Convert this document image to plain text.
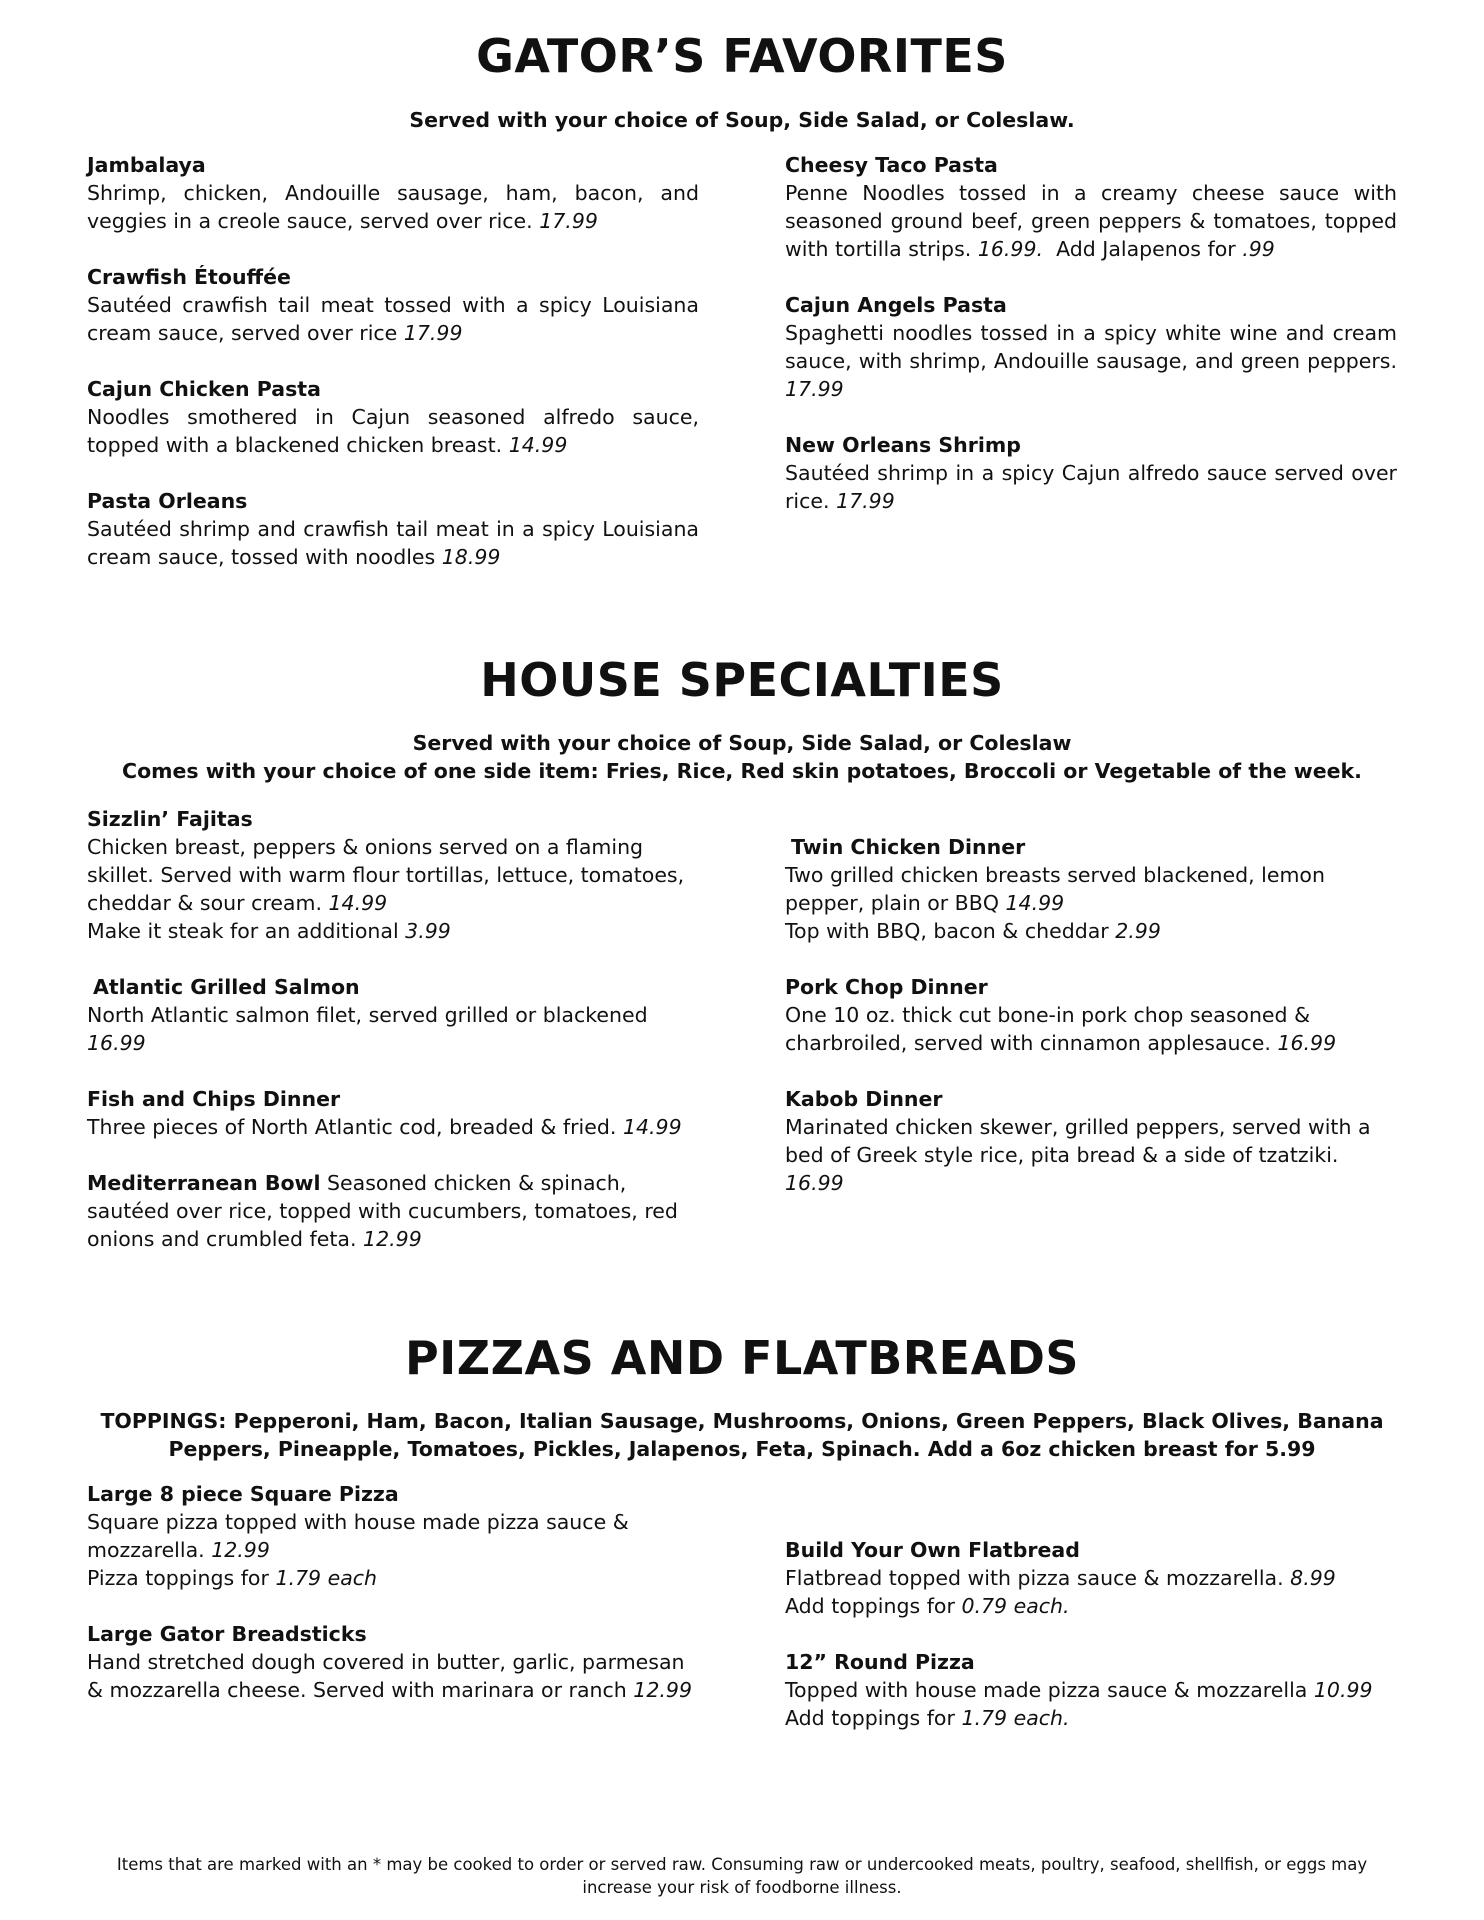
GATOR’S FAVORITES

Served with your choice of Soup, Side Salad, or Coleslaw.

Jambalaya
Shrimp, chicken, Andouille sausage, ham, bacon, and veggies in a creole sauce, served over rice. 17.99
Crawfish Étouffée
Sautéed crawfish tail meat tossed with a spicy Louisiana cream sauce, served over rice 17.99
Cajun Chicken Pasta
Noodles smothered in Cajun seasoned alfredo sauce, topped with a blackened chicken breast. 14.99
Pasta Orleans
Sautéed shrimp and crawfish tail meat in a spicy Louisiana cream sauce, tossed with noodles 18.99
Cheesy Taco Pasta
Penne Noodles tossed in a creamy cheese sauce with seasoned ground beef, green peppers & tomatoes, topped with tortilla strips. 16.99. Add Jalapenos for .99
Cajun Angels Pasta
Spaghetti noodles tossed in a spicy white wine and cream sauce, with shrimp, Andouille sausage, and green peppers. 17.99
New Orleans Shrimp
Sautéed shrimp in a spicy Cajun alfredo sauce served over rice. 17.99
HOUSE SPECIALTIES

Served with your choice of Soup, Side Salad, or Coleslaw

Comes with your choice of one side item: Fries, Rice, Red skin potatoes, Broccoli or Vegetable of the week.

Sizzlin’ Fajitas
Chicken breast, peppers & onions served on a flaming skillet. Served with warm flour tortillas, lettuce, tomatoes, cheddar & sour cream. 14.99
Make it steak for an additional 3.99
Atlantic Grilled Salmon
North Atlantic salmon filet, served grilled or blackened
16.99
Fish and Chips Dinner
Three pieces of North Atlantic cod, breaded & fried. 14.99
Mediterranean Bowl Seasoned chicken & spinach, sautéed over rice, topped with cucumbers, tomatoes, red onions and crumbled feta. 12.99
Twin Chicken Dinner
Two grilled chicken breasts served blackened, lemon pepper, plain or BBQ 14.99
Top with BBQ, bacon & cheddar 2.99
Pork Chop Dinner
One 10 oz. thick cut bone-in pork chop seasoned & charbroiled, served with cinnamon applesauce. 16.99
Kabob Dinner
Marinated chicken skewer, grilled peppers, served with a bed of Greek style rice, pita bread & a side of tzatziki. 16.99
PIZZAS AND FLATBREADS

TOPPINGS: Pepperoni, Ham, Bacon, Italian Sausage, Mushrooms, Onions, Green Peppers, Black Olives, Banana Peppers, Pineapple, Tomatoes, Pickles, Jalapenos, Feta, Spinach. Add a 6oz chicken breast for 5.99

Large 8 piece Square Pizza
Square pizza topped with house made pizza sauce & mozzarella. 12.99
Pizza toppings for 1.79 each
Large Gator Breadsticks
Hand stretched dough covered in butter, garlic, parmesan & mozzarella cheese. Served with marinara or ranch 12.99
Build Your Own Flatbread
Flatbread topped with pizza sauce & mozzarella. 8.99
Add toppings for 0.79 each.
12” Round Pizza
Topped with house made pizza sauce & mozzarella 10.99
Add toppings for 1.79 each.

Items that are marked with an * may be cooked to order or served raw. Consuming raw or undercooked meats, poultry, seafood, shellfish, or eggs may increase your risk of foodborne illness.
